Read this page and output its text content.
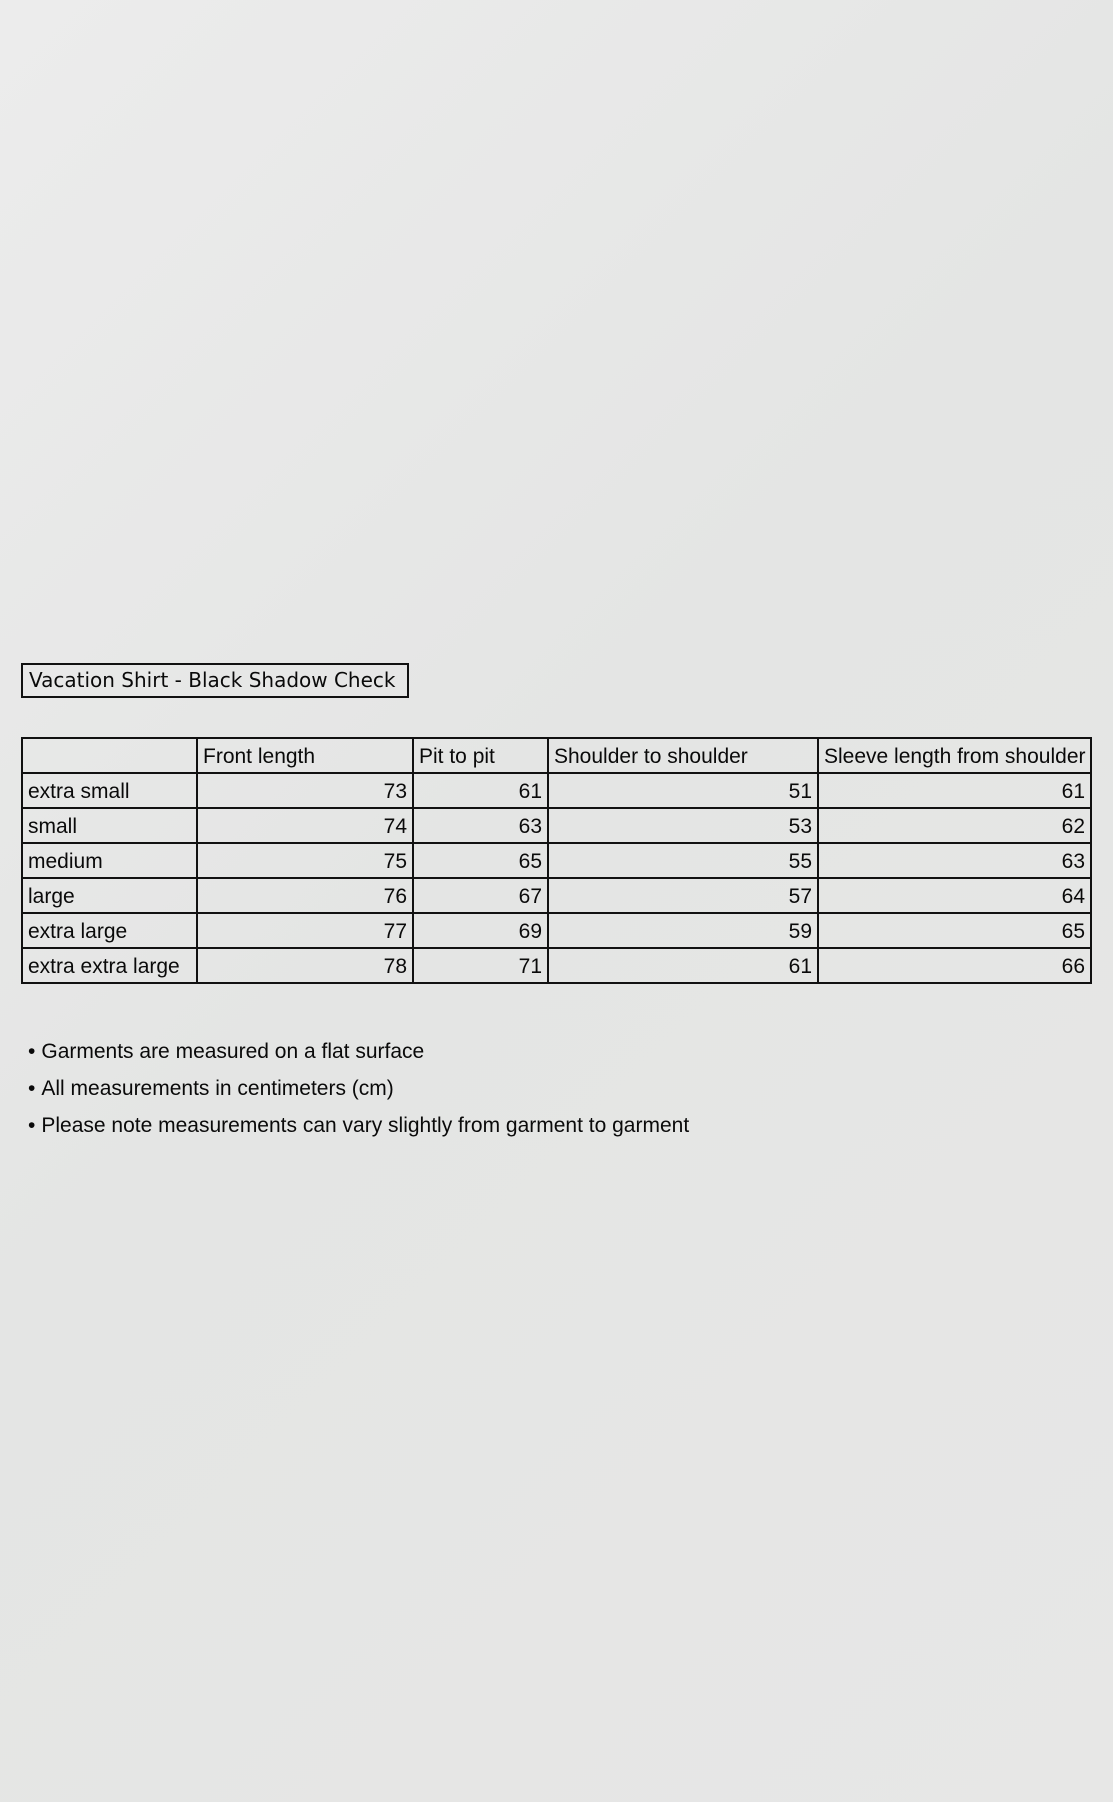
Vacation Shirt - Black Shadow Check
	Front length	Pit to pit	Shoulder to shoulder	Sleeve length from shoulder
extra small	73	61	51	61
small	74	63	53	62
medium	75	65	55	63
large	76	67	57	64
extra large	77	69	59	65
extra extra large	78	71	61	66
• Garments are measured on a flat surface
• All measurements in centimeters (cm)
• Please note measurements can vary slightly from garment to garment
